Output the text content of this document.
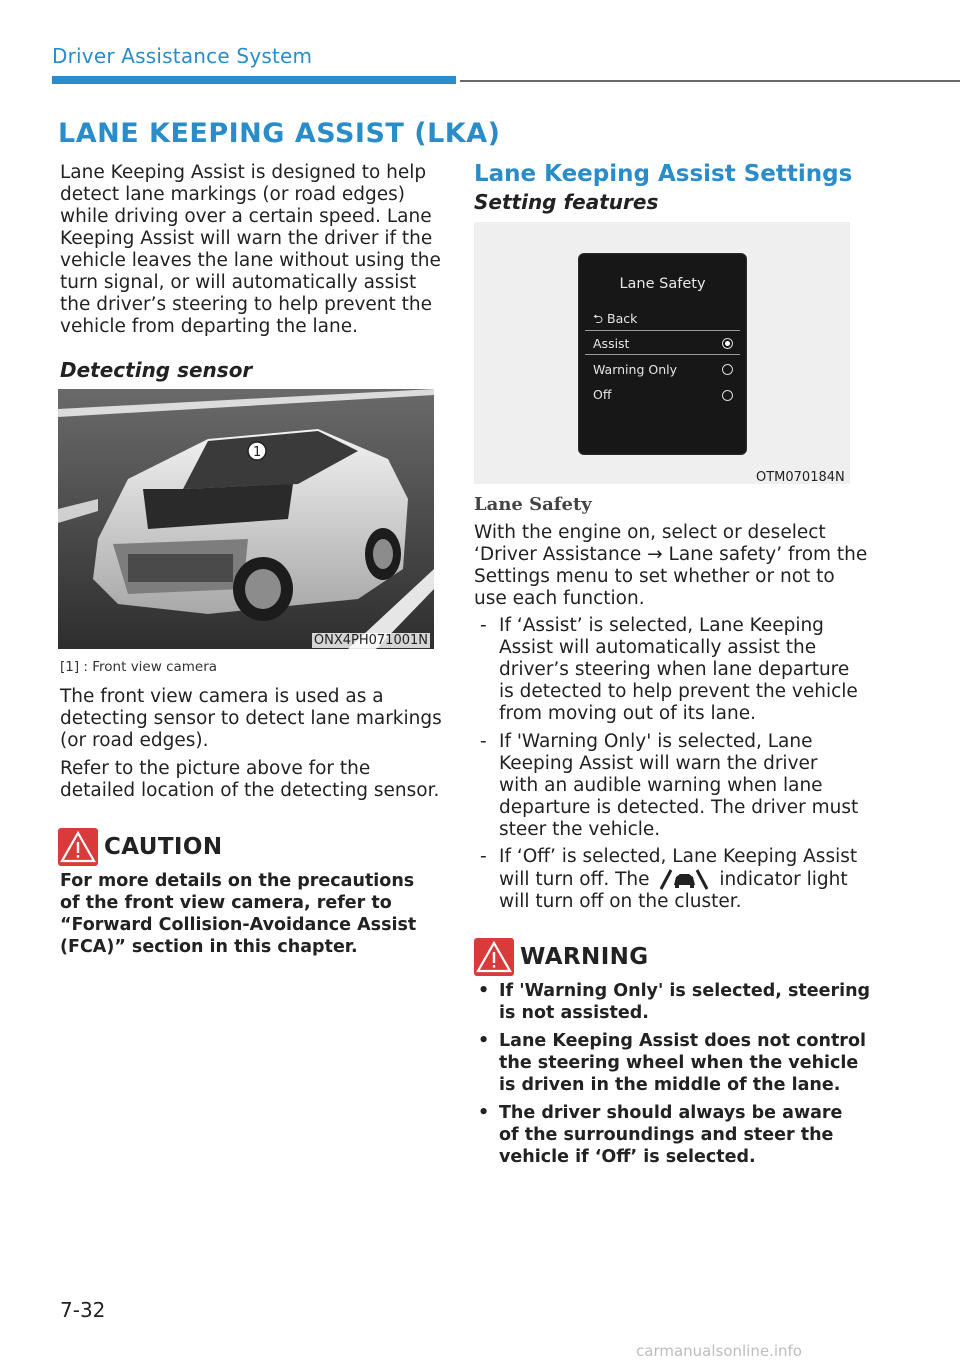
Driver Assistance System
LANE KEEPING ASSIST (LKA)
Lane Keeping Assist is designed to help
detect lane markings (or road edges)
while driving over a certain speed. Lane
Keeping Assist will warn the driver if the
vehicle leaves the lane without using the
turn signal, or will automatically assist
the driver’s steering to help prevent the
vehicle from departing the lane.
Detecting sensor
1
ONX4PH071001N
[1] : Front view camera
The front view camera is used as a
detecting sensor to detect lane markings
(or road edges).
Refer to the picture above for the
detailed location of the detecting sensor.
CAUTION
For more details on the precautions
of the front view camera, refer to
“Forward Collision-Avoidance Assist
(FCA)” section in this chapter.
Lane Keeping Assist Settings
Setting features
Lane Safety
⮌ Back
Assist
Warning Only
Off
OTM070184N
Lane Safety
With the engine on, select or deselect
‘Driver Assistance → Lane safety’ from the
Settings menu to set whether or not to
use each function.
- If ‘Assist’ is selected, Lane Keeping
Assist will automatically assist the
driver’s steering when lane departure
is detected to help prevent the vehicle
from moving out of its lane.
- If 'Warning Only' is selected, Lane
Keeping Assist will warn the driver
with an audible warning when lane
departure is detected. The driver must
steer the vehicle.
- If ‘Off’ is selected, Lane Keeping Assist
will turn off. The	indicator light
will turn off on the cluster.
WARNING
• If 'Warning Only' is selected, steering
is not assisted.
• Lane Keeping Assist does not control
the steering wheel when the vehicle
is driven in the middle of the lane.
• The driver should always be aware
of the surroundings and steer the
vehicle if ‘Off’ is selected.
7-32
carmanualsonline.info
